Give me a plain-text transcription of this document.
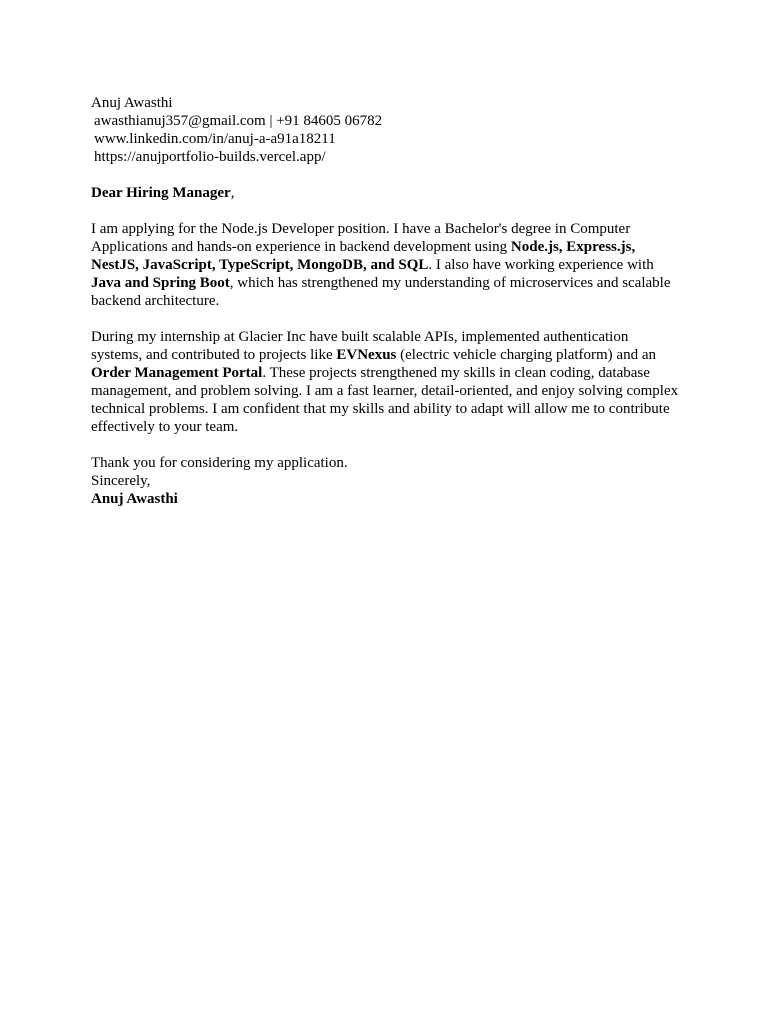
Anuj Awasthi
awasthianuj357@gmail.com | +91 84605 06782
www.linkedin.com/in/anuj-a-a91a18211
https://anujportfolio-builds.vercel.app/

Dear Hiring Manager,

I am applying for the Node.js Developer position. I have a Bachelor's degree in Computer Applications and hands-on experience in backend development using Node.js, Express.js, NestJS, JavaScript, TypeScript, MongoDB, and SQL. I also have working experience with Java and Spring Boot, which has strengthened my understanding of microservices and scalable backend architecture.

During my internship at Glacier Inc have built scalable APIs, implemented authentication systems, and contributed to projects like EVNexus (electric vehicle charging platform) and an Order Management Portal. These projects strengthened my skills in clean coding, database management, and problem solving. I am a fast learner, detail-oriented, and enjoy solving complex technical problems. I am confident that my skills and ability to adapt will allow me to contribute effectively to your team.

Thank you for considering my application.
Sincerely,
Anuj Awasthi
